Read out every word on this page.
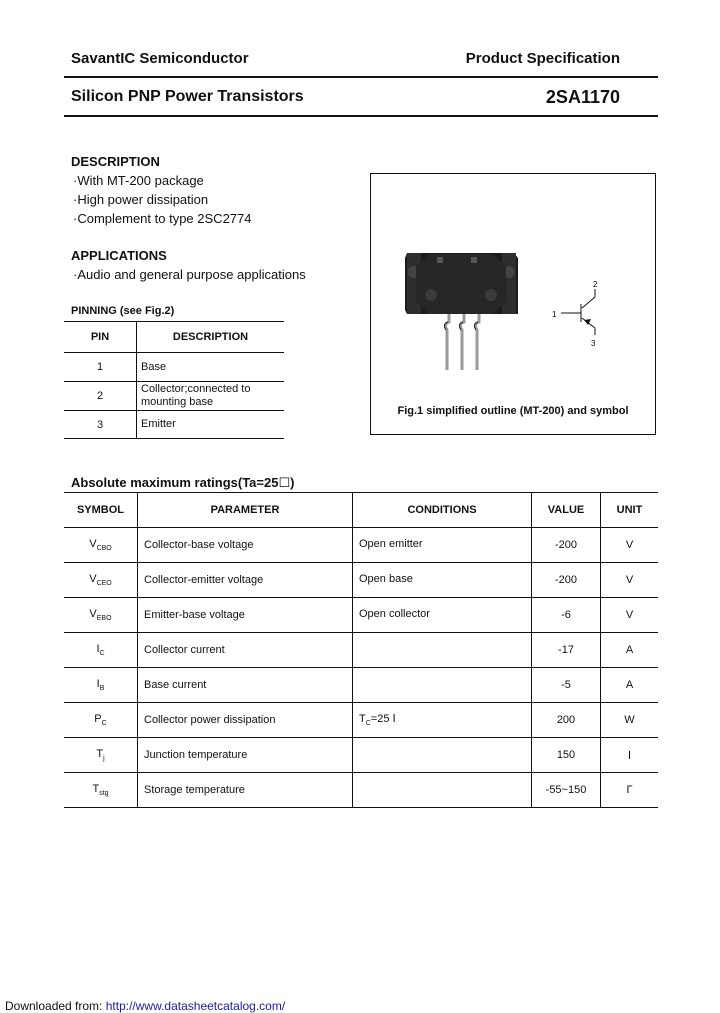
SavantIC Semiconductor	Product Specification
Silicon PNP Power Transistors	2SA1170
DESCRIPTION
·With MT-200 package
·High power dissipation
·Complement to type 2SC2774
APPLICATIONS
·Audio and general purpose applications
PINNING (see Fig.2)
PIN	DESCRIPTION
1	Base
2	Collector;connected to mounting base
3	Emitter
1
2
3
Fig.1 simplified outline (MT-200) and symbol
Absolute maximum ratings(Ta=25☐)
SYMBOL	PARAMETER	CONDITIONS	VALUE	UNIT
$V_{CBO}$	Collector-base voltage	Open emitter	-200	V
$V_{CEO}$	Collector-emitter voltage	Open base	-200	V
$V_{EBO}$	Emitter-base voltage	Open collector	-6	V
$I_C$	Collector current		-17	A
$I_B$	Base current		-5	A
$P_C$	Collector power dissipation	$T_C=25$ Ⅰ	200	W
$T_j$	Junction temperature		150	Ⅰ
$T_{stg}$	Storage temperature		-55~150	Γ
Downloaded from: http://www.datasheetcatalog.com/
